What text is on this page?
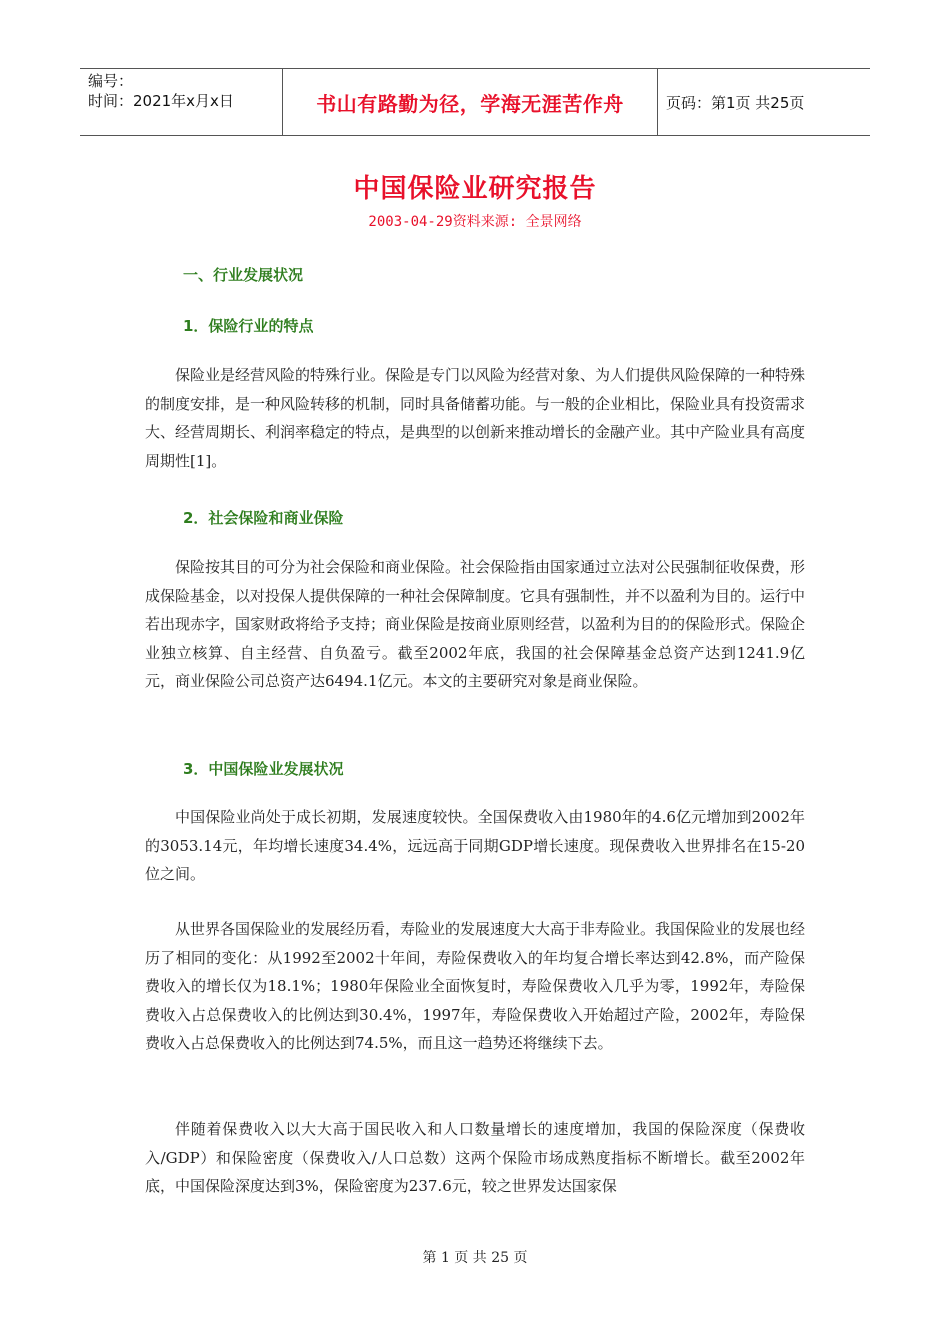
编号：
时间：2021年x月x日	书山有路勤为径，学海无涯苦作舟	页码：第1页 共25页
中国保险业研究报告
2003-04-29资料来源: 全景网络
一、行业发展状况
1．保险行业的特点

保险业是经营风险的特殊行业。保险是专门以风险为经营对象、为人们提供风险保障的一种特殊的制度安排，是一种风险转移的机制，同时具备储蓄功能。与一般的企业相比，保险业具有投资需求大、经营周期长、利润率稳定的特点，是典型的以创新来推动增长的金融产业。其中产险业具有高度周期性[1]。

2．社会保险和商业保险

保险按其目的可分为社会保险和商业保险。社会保险指由国家通过立法对公民强制征收保费，形成保险基金，以对投保人提供保障的一种社会保障制度。它具有强制性，并不以盈利为目的。运行中若出现赤字，国家财政将给予支持；商业保险是按商业原则经营，以盈利为目的的保险形式。保险企业独立核算、自主经营、自负盈亏。截至2002年底，我国的社会保障基金总资产达到1241.9亿元，商业保险公司总资产达6494.1亿元。本文的主要研究对象是商业保险。

3．中国保险业发展状况

中国保险业尚处于成长初期，发展速度较快。全国保费收入由1980年的4.6亿元增加到2002年的3053.14元，年均增长速度34.4%，远远高于同期GDP增长速度。现保费收入世界排名在15-20位之间。

从世界各国保险业的发展经历看，寿险业的发展速度大大高于非寿险业。我国保险业的发展也经历了相同的变化：从1992至2002十年间，寿险保费收入的年均复合增长率达到42.8%，而产险保费收入的增长仅为18.1%；1980年保险业全面恢复时，寿险保费收入几乎为零，1992年，寿险保费收入占总保费收入的比例达到30.4%，1997年，寿险保费收入开始超过产险，2002年，寿险保费收入占总保费收入的比例达到74.5%，而且这一趋势还将继续下去。

伴随着保费收入以大大高于国民收入和人口数量增长的速度增加，我国的保险深度（保费收入/GDP）和保险密度（保费收入/人口总数）这两个保险市场成熟度指标不断增长。截至2002年底，中国保险深度达到3%，保险密度为237.6元，较之世界发达国家保

第 1 页 共 25 页
